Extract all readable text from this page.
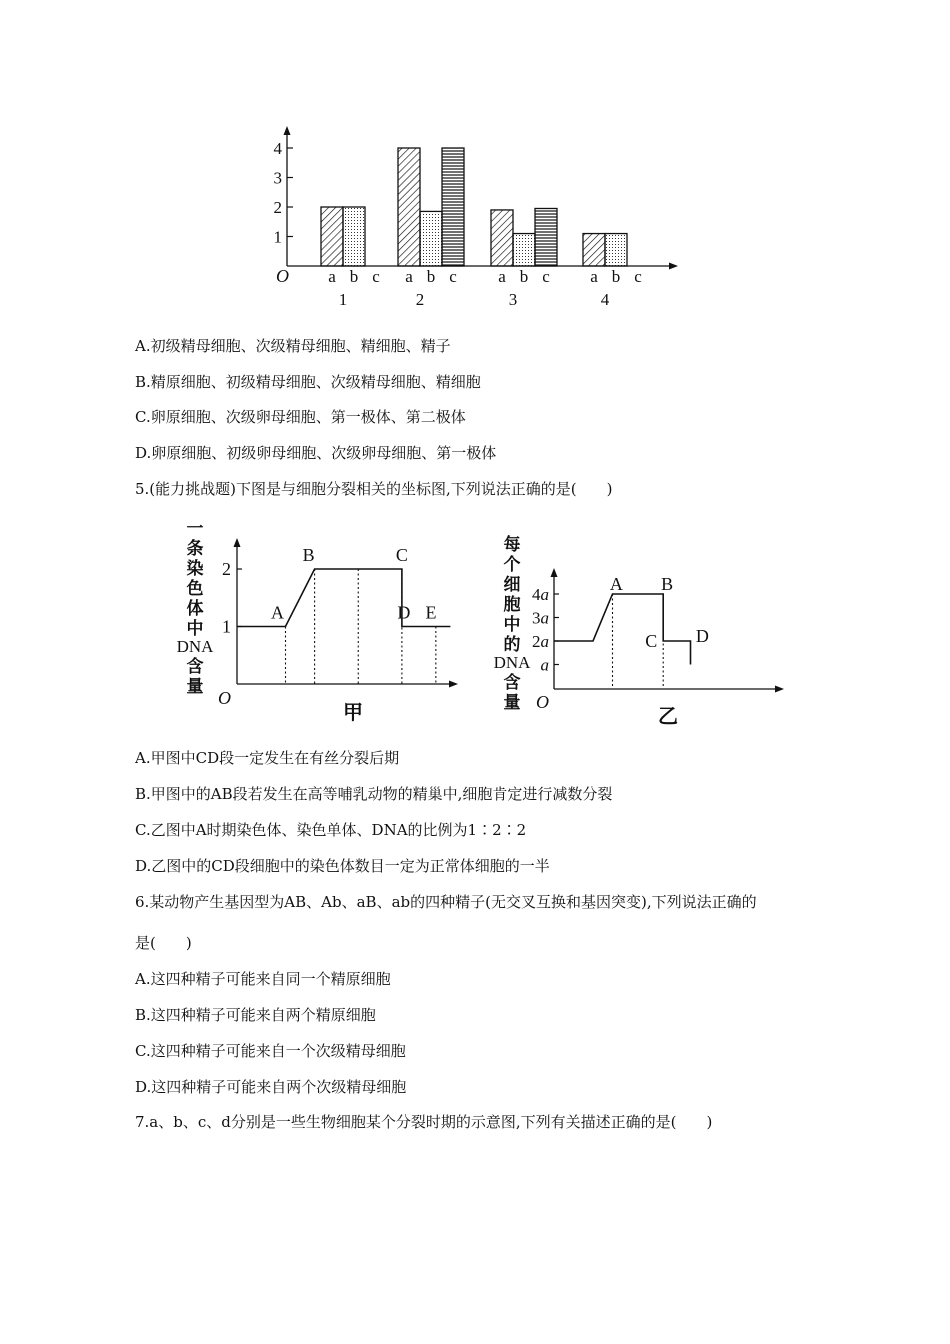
O
1
2
3
4
a b c
1
a b c
2
a b c
3
a b c
4
A.初级精母细胞、次级精母细胞、精细胞、精子
B.精原细胞、初级精母细胞、次级精母细胞、精细胞
C.卵原细胞、次级卵母细胞、第一极体、第二极体
D.卵原细胞、初级卵母细胞、次级卵母细胞、第一极体
5.(能力挑战题)下图是与细胞分裂相关的坐标图,下列说法正确的是(　　)
一
条
染
色
体
中
DNA
含
量
O
甲
1
2
A
B	C
D E
每
个
细
胞
中
的
DNA
含
量 O
乙
a
2a
3a
4a
A B
C D
A.甲图中CD段一定发生在有丝分裂后期
B.甲图中的AB段若发生在高等哺乳动物的精巢中,细胞肯定进行减数分裂
C.乙图中A时期染色体、染色单体、DNA的比例为1∶2∶2
D.乙图中的CD段细胞中的染色体数目一定为正常体细胞的一半
6.某动物产生基因型为AB、Ab、aB、ab的四种精子(无交叉互换和基因突变),下列说法正确的
是(　　)
A.这四种精子可能来自同一个精原细胞
B.这四种精子可能来自两个精原细胞
C.这四种精子可能来自一个次级精母细胞
D.这四种精子可能来自两个次级精母细胞
7.a、b、c、d分别是一些生物细胞某个分裂时期的示意图,下列有关描述正确的是(　　)
